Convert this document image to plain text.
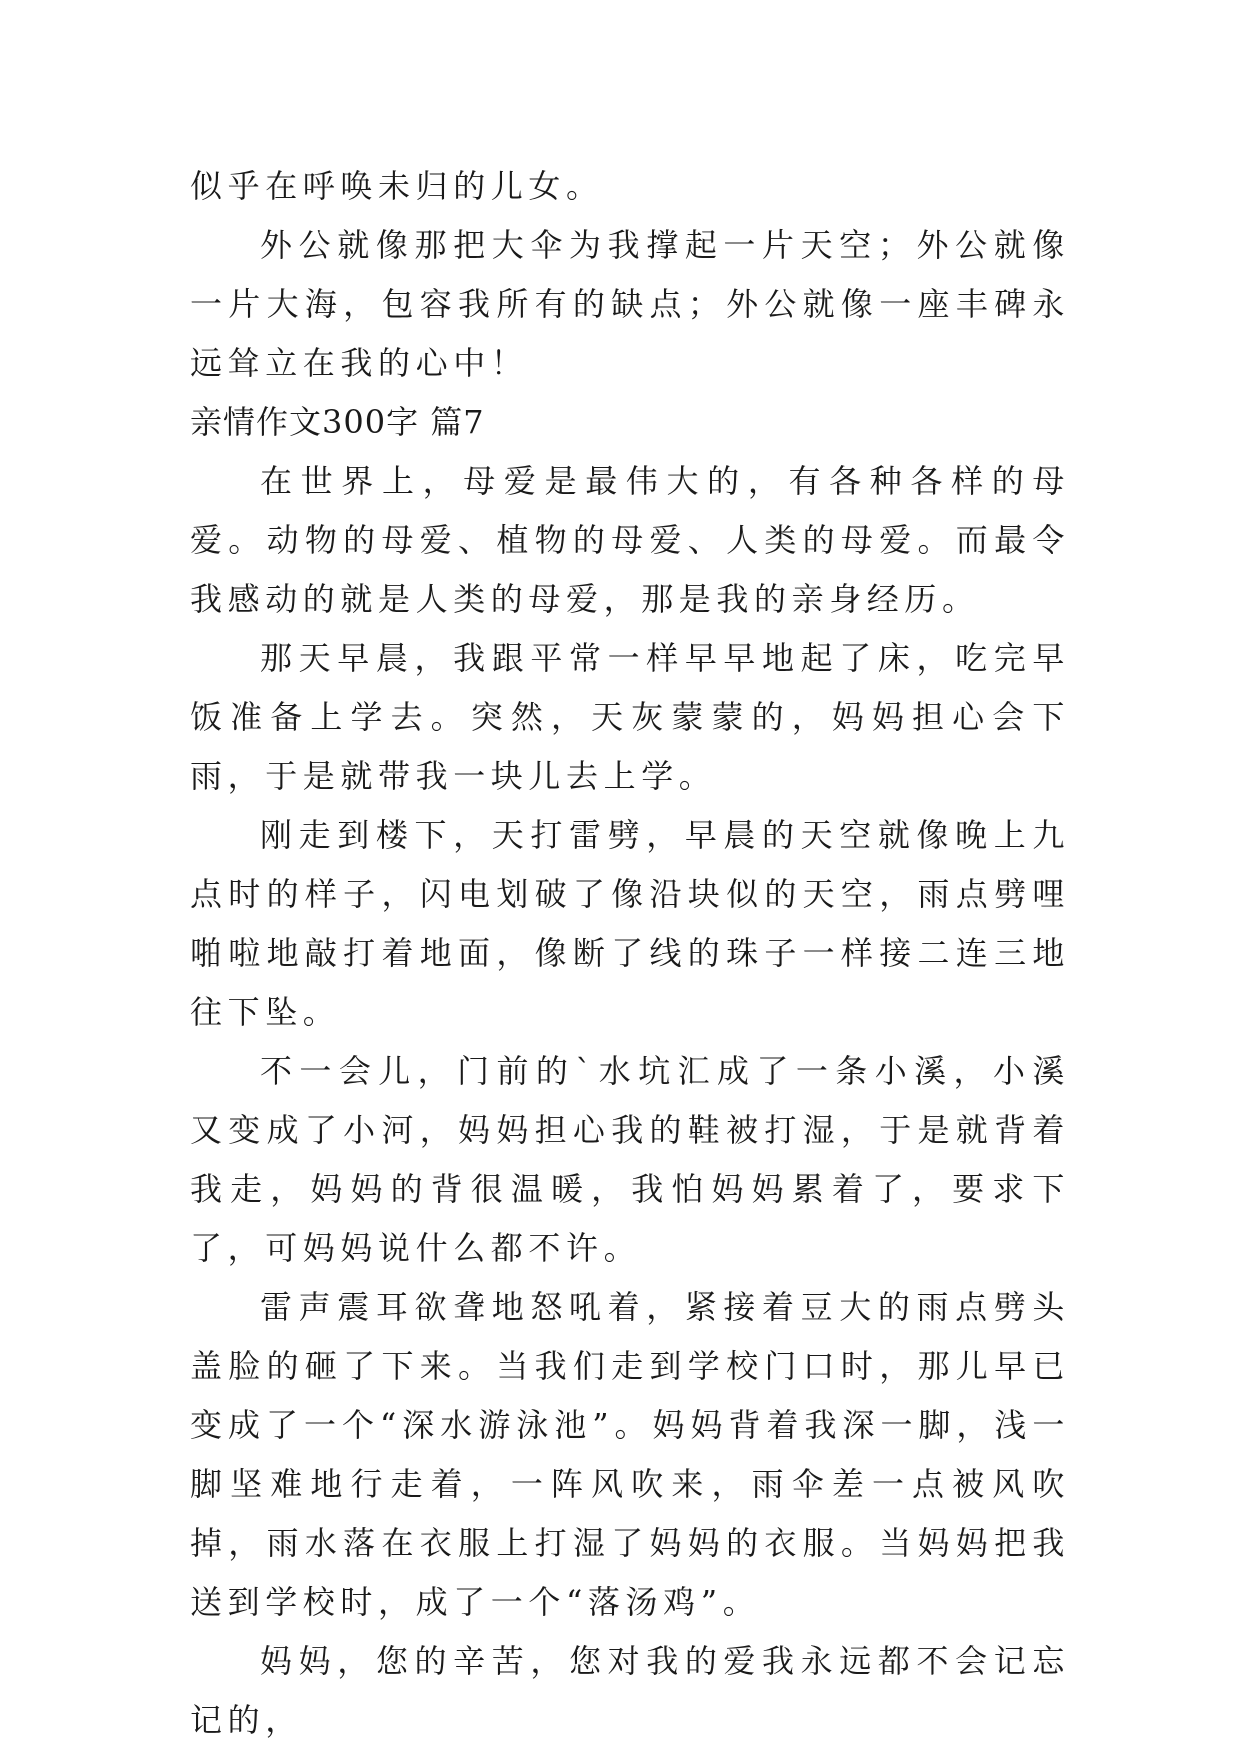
似乎在呼唤未归的儿女。

外公就像那把大伞为我撑起一片天空；外公就像一片大海，包容我所有的缺点；外公就像一座丰碑永远耸立在我的心中！

亲情作文300字 篇7

在世界上，母爱是最伟大的，有各种各样的母爱。动物的母爱、植物的母爱、人类的母爱。而最令我感动的就是人类的母爱，那是我的亲身经历。

那天早晨，我跟平常一样早早地起了床，吃完早饭准备上学去。突然，天灰蒙蒙的，妈妈担心会下雨，于是就带我一块儿去上学。

刚走到楼下，天打雷劈，早晨的天空就像晚上九点时的样子，闪电划破了像沿块似的天空，雨点劈哩啪啦地敲打着地面，像断了线的珠子一样接二连三地往下坠。

不一会儿，门前的`水坑汇成了一条小溪，小溪又变成了小河，妈妈担心我的鞋被打湿，于是就背着我走，妈妈的背很温暖，我怕妈妈累着了，要求下了，可妈妈说什么都不许。

雷声震耳欲聋地怒吼着，紧接着豆大的雨点劈头盖脸的砸了下来。当我们走到学校门口时，那儿早已变成了一个“深水游泳池”。妈妈背着我深一脚，浅一脚坚难地行走着，一阵风吹来，雨伞差一点被风吹掉，雨水落在衣服上打湿了妈妈的衣服。当妈妈把我送到学校时，成了一个“落汤鸡”。

妈妈，您的辛苦，您对我的爱我永远都不会记忘记的，
